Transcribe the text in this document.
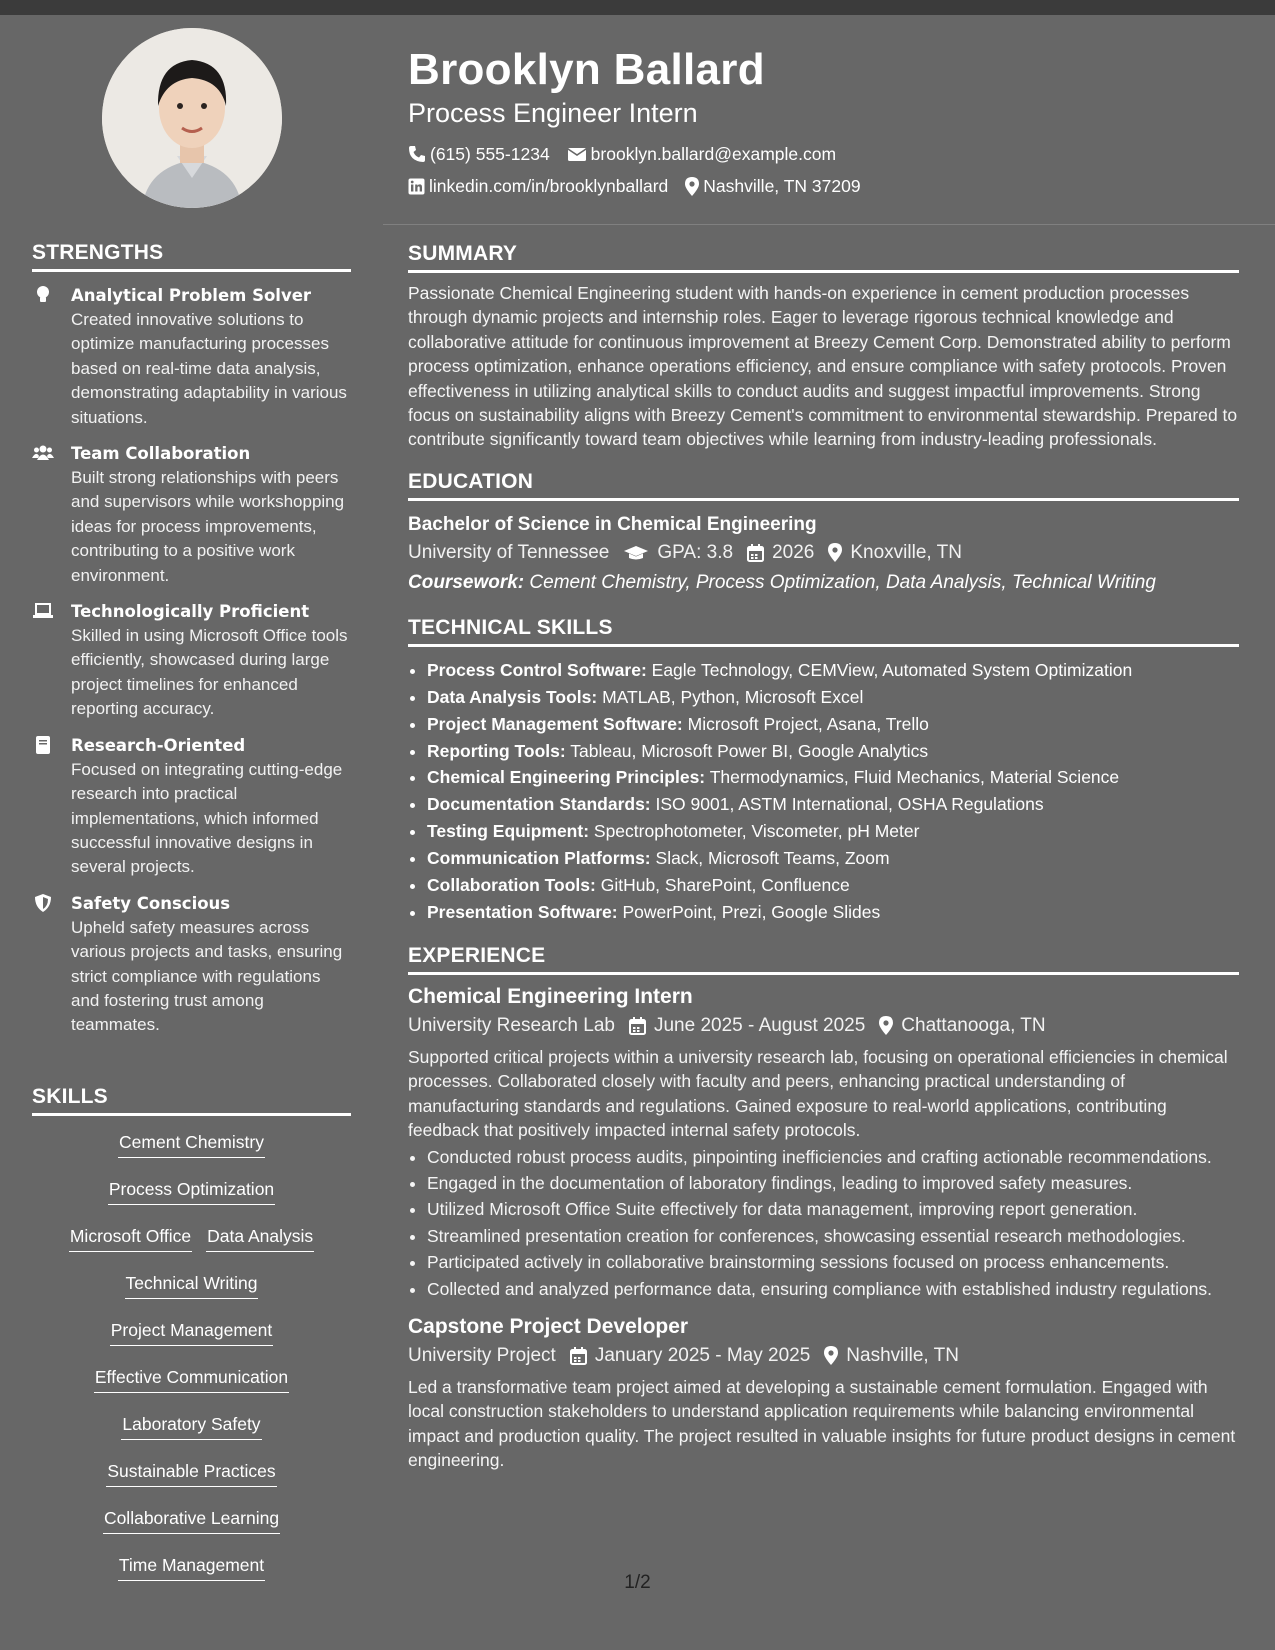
STRENGTHS
Analytical Problem Solver
Created innovative solutions to optimize manufacturing processes based on real-time data analysis, demonstrating adaptability in various situations.
Team Collaboration
Built strong relationships with peers and supervisors while workshopping ideas for process improvements, contributing to a positive work environment.
Technologically Proficient
Skilled in using Microsoft Office tools efficiently, showcased during large project timelines for enhanced reporting accuracy.
Research-Oriented
Focused on integrating cutting-edge research into practical implementations, which informed successful innovative designs in several projects.
Safety Conscious
Upheld safety measures across various projects and tasks, ensuring strict compliance with regulations and fostering trust among teammates.
SKILLS
Cement Chemistry
Process Optimization
Microsoft Office Data Analysis
Technical Writing
Project Management
Effective Communication
Laboratory Safety
Sustainable Practices
Collaborative Learning
Time Management
Brooklyn Ballard
Process Engineer Intern
(615) 555-1234 brooklyn.ballard@example.com
linkedin.com/in/brooklynballard Nashville, TN 37209
SUMMARY
Passionate Chemical Engineering student with hands-on experience in cement production processes through dynamic projects and internship roles. Eager to leverage rigorous technical knowledge and collaborative attitude for continuous improvement at Breezy Cement Corp. Demonstrated ability to perform process optimization, enhance operations efficiency, and ensure compliance with safety protocols. Proven effectiveness in utilizing analytical skills to conduct audits and suggest impactful improvements. Strong focus on sustainability aligns with Breezy Cement's commitment to environmental stewardship. Prepared to contribute significantly toward team objectives while learning from industry-leading professionals.
EDUCATION
Bachelor of Science in Chemical Engineering
University of Tennessee	GPA: 3.8 2026 Knoxville, TN
Coursework: Cement Chemistry, Process Optimization, Data Analysis, Technical Writing
TECHNICAL SKILLS
• Process Control Software: Eagle Technology, CEMView, Automated System Optimization
• Data Analysis Tools: MATLAB, Python, Microsoft Excel
• Project Management Software: Microsoft Project, Asana, Trello
• Reporting Tools: Tableau, Microsoft Power BI, Google Analytics
• Chemical Engineering Principles: Thermodynamics, Fluid Mechanics, Material Science
• Documentation Standards: ISO 9001, ASTM International, OSHA Regulations
• Testing Equipment: Spectrophotometer, Viscometer, pH Meter
• Communication Platforms: Slack, Microsoft Teams, Zoom
• Collaboration Tools: GitHub, SharePoint, Confluence
• Presentation Software: PowerPoint, Prezi, Google Slides
EXPERIENCE
Chemical Engineering Intern
University Research Lab June 2025 - August 2025 Chattanooga, TN
Supported critical projects within a university research lab, focusing on operational efficiencies in chemical processes. Collaborated closely with faculty and peers, enhancing practical understanding of manufacturing standards and regulations. Gained exposure to real-world applications, contributing feedback that positively impacted internal safety protocols.
• Conducted robust process audits, pinpointing inefficiencies and crafting actionable recommendations.
• Engaged in the documentation of laboratory findings, leading to improved safety measures.
• Utilized Microsoft Office Suite effectively for data management, improving report generation.
• Streamlined presentation creation for conferences, showcasing essential research methodologies.
• Participated actively in collaborative brainstorming sessions focused on process enhancements.
• Collected and analyzed performance data, ensuring compliance with established industry regulations.
Capstone Project Developer
University Project January 2025 - May 2025 Nashville, TN
Led a transformative team project aimed at developing a sustainable cement formulation. Engaged with local construction stakeholders to understand application requirements while balancing environmental impact and production quality. The project resulted in valuable insights for future product designs in cement engineering.
1/2
